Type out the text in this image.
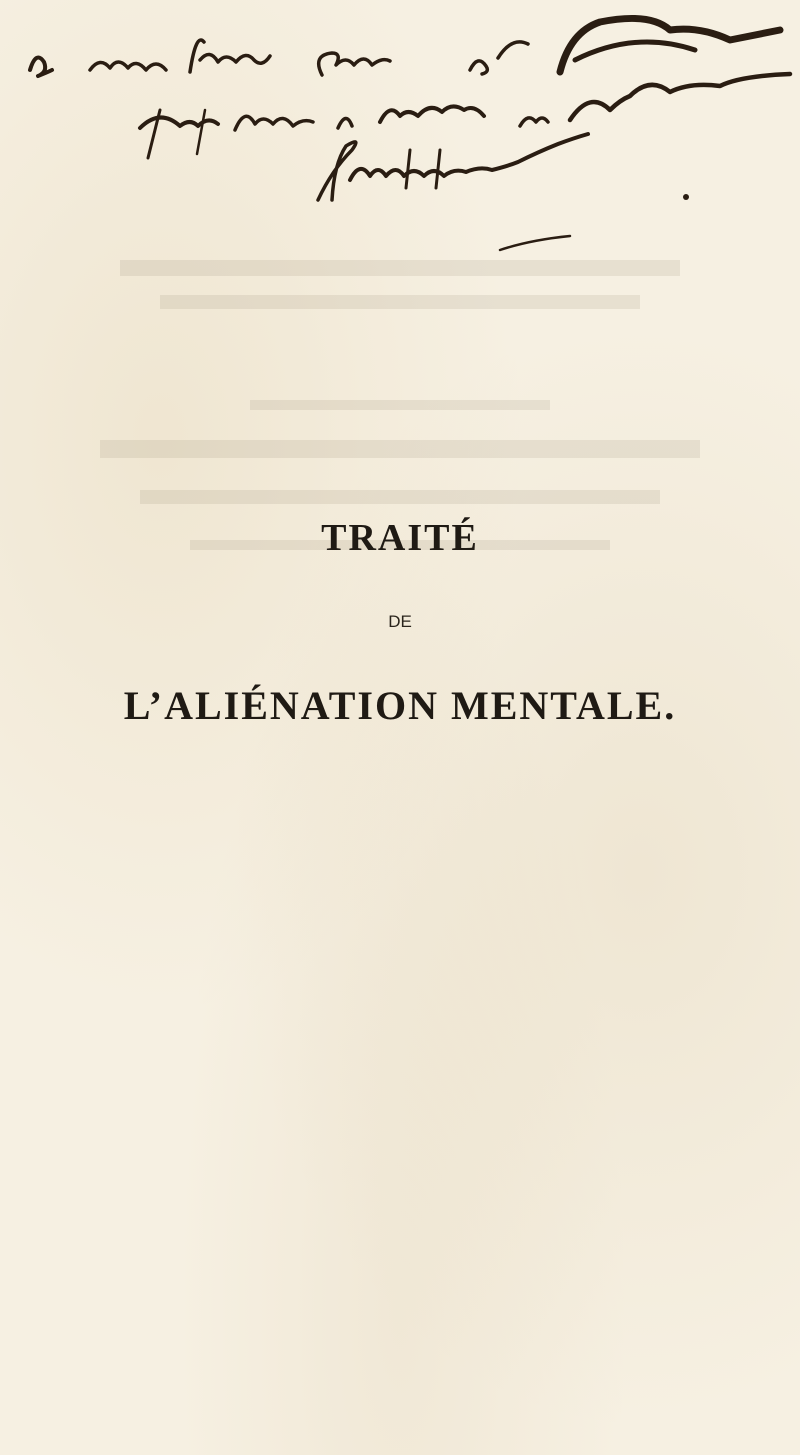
TRAITÉ
DE
L’ALIÉNATION MENTALE.
